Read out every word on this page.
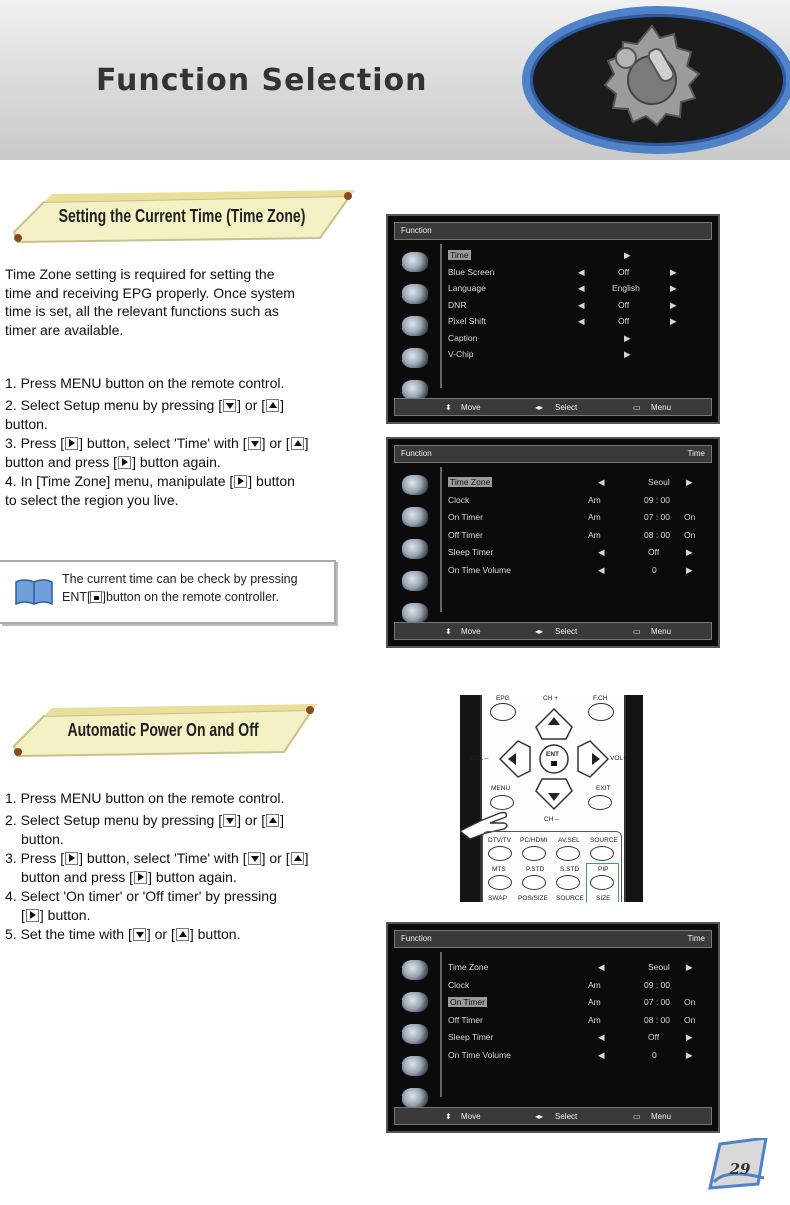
Function Selection
Setting the Current Time (Time Zone)
Time Zone setting is required for setting the
time and receiving EPG properly. Once system
time is set, all the relevant functions such as
timer are available.
1. Press MENU button on the remote control.
2. Select Setup menu by pressing [ ] or [ ]
button.
3. Press [ ] button, select 'Time' with [ ] or [ ]
button and press [ ] button again.
4. In [Time Zone] menu, manipulate [ ] button
to select the region you live.
The current time can be check by pressing
ENT[ ]button on the remote controller.
Function
Time	▶
Blue Screen	◀	Off	▶
Language	◀	English	▶
DNR	◀	Off	▶
Pixel Shift	◀	Off	▶
Caption	▶
V-Chip	▶
⬍ Move	◂▸ Select	▭ Menu
Function	Time
Time Zone	◀	Seoul ▶
Clock	Am	09 : 00
On Timer	Am	07 : 00 On
Off Timer	Am	08 : 00 On
Sleep Timer	◀	Off	▶
On Time Volume	◀	0	▶
⬍ Move	◂▸ Select	▭ Menu
Automatic Power On and Off
1. Press MENU button on the remote control.
2. Select Setup menu by pressing [ ] or [ ]
button.
3. Press [ ] button, select 'Time' with [ ] or [ ]
button and press [ ] button again.
4. Select 'On timer' or 'Off timer' by pressing
[ ] button.
5. Set the time with [ ] or [ ] button.
EPG	CH +	F.CH
ENT
VOL –	VOL+
MENU	EXIT
CH –
DTV/TV PC/HDMI AV.SEL SOURCE
MTS	P.STD S.STD	PIP
SWAP POS/SIZE SOURCE SIZE
Function	Time
Time Zone	◀	Seoul ▶
Clock	Am	09 : 00
On Timer	Am	07 : 00 On
Off Timer	Am	08 : 00 On
Sleep Timer	◀	Off	▶
On Time Volume	◀	0	▶
⬍ Move	◂▸ Select	▭ Menu
29
